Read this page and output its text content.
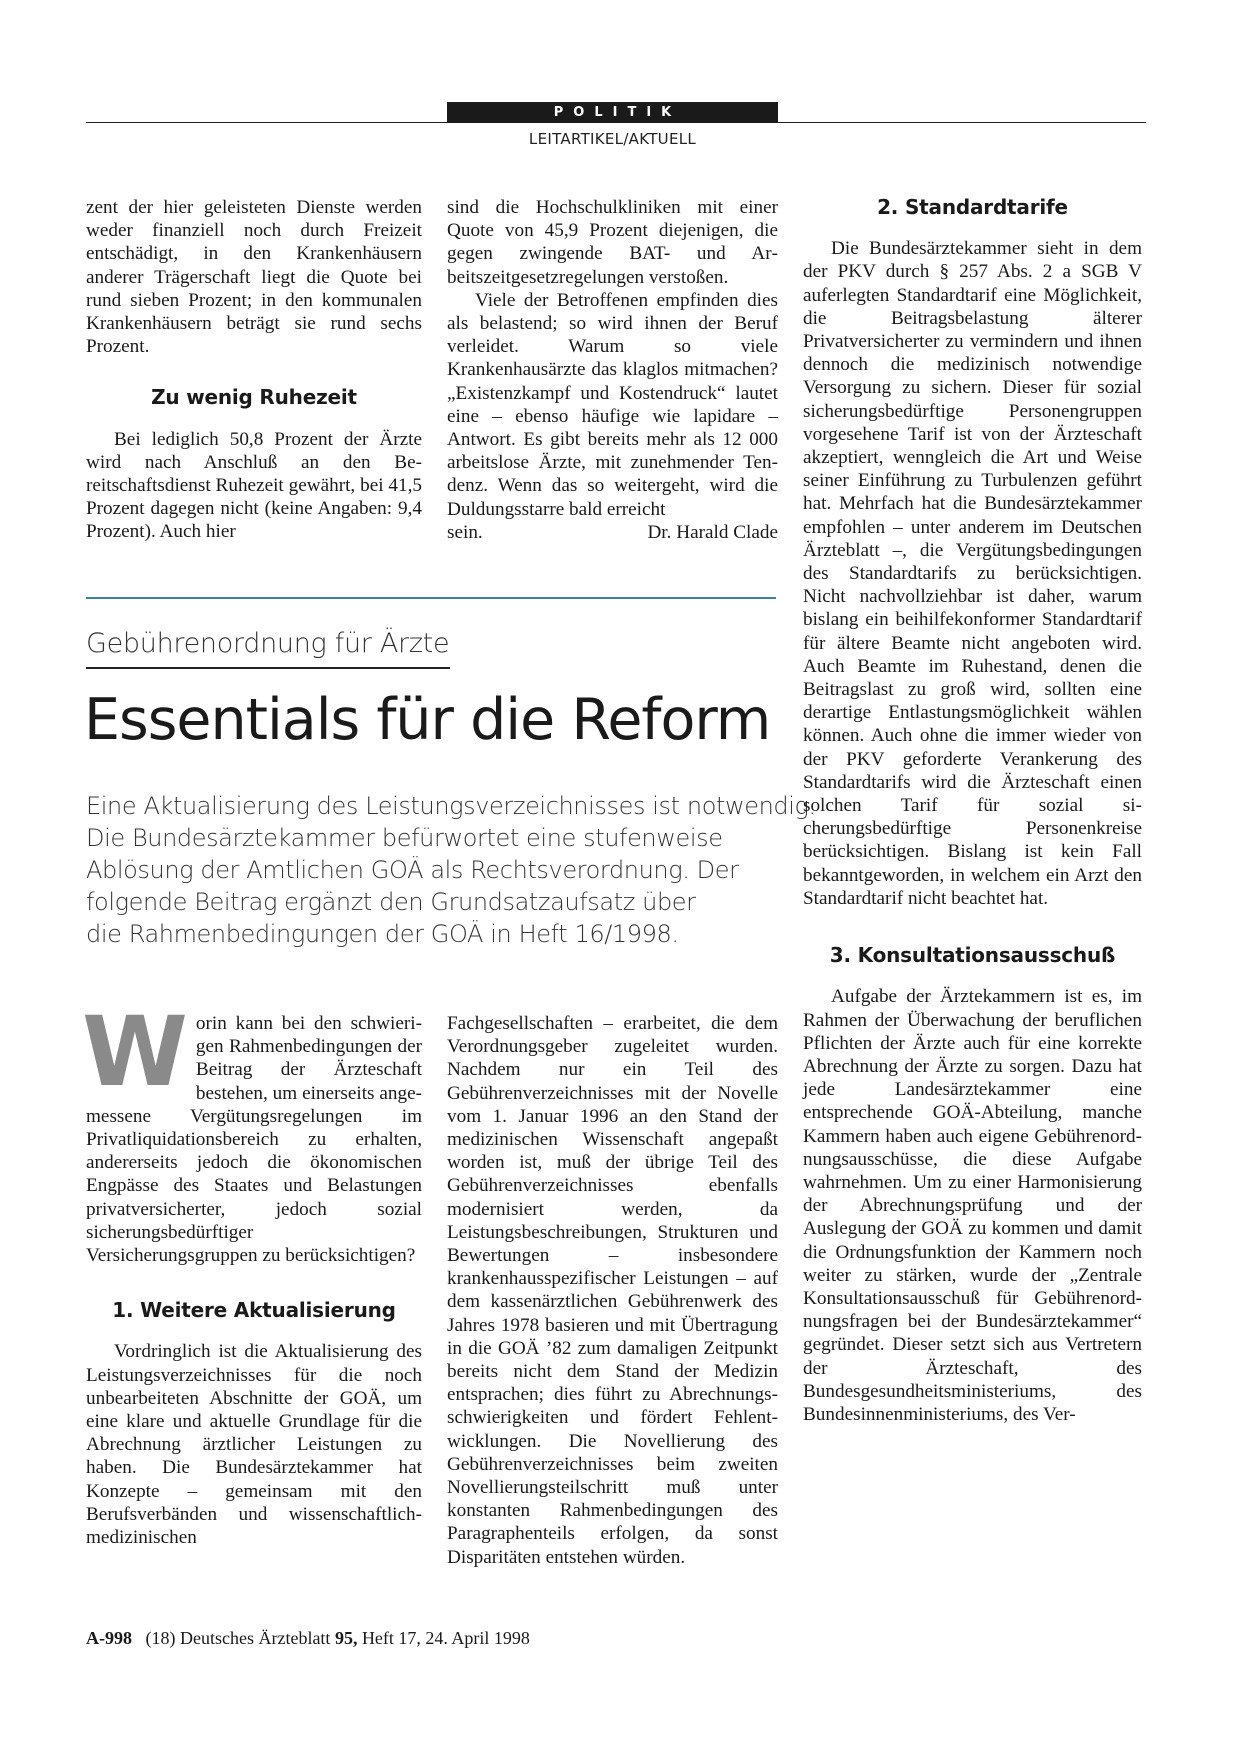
POLITIK
LEITARTIKEL/AKTUELL

zent der hier geleisteten Dienste werden weder finanziell noch durch Freizeit entschädigt, in den Krankenhäusern anderer Trägerschaft liegt die Quote bei rund sieben Prozent; in den kommunalen Krankenhäusern beträgt sie rund sechs Prozent.

Zu wenig Ruhezeit

Bei lediglich 50,8 Prozent der Ärzte wird nach Anschluß an den Bereitschaftsdienst Ruhezeit gewährt, bei 41,5 Prozent dagegen nicht (keine Angaben: 9,4 Prozent). Auch hier

sind die Hochschulkliniken mit einer Quote von 45,9 Prozent diejenigen, die gegen zwingende BAT- und Arbeitszeitgesetzregelungen verstoßen.

Viele der Betroffenen empfinden dies als belastend; so wird ihnen der Beruf verleidet. Warum so viele Krankenhausärzte das klaglos mitmachen? „Existenzkampf und Kostendruck“ lautet eine – ebenso häufige wie lapidare – Antwort. Es gibt bereits mehr als 12 000 arbeitslose Ärzte, mit zunehmender Tendenz. Wenn das so weitergeht, wird die Duldungsstarre bald erreicht

sein.	Dr. Harald Clade

Gebührenordnung für Ärzte
Essentials für die Reform
Eine Aktualisierung des Leistungsverzeichnisses ist notwendig.
Die Bundesärztekammer befürwortet eine stufenweise
Ablösung der Amtlichen GOÄ als Rechtsverordnung. Der
folgende Beitrag ergänzt den Grundsatzaufsatz über
die Rahmenbedingungen der GOÄ in Heft 16/1998.

Worin kann bei den schwierigen Rahmenbedingungen der Beitrag der Ärzteschaft bestehen, um einerseits angemessene Vergütungsregelungen im Privatliquidationsbereich zu erhalten, andererseits jedoch die ökonomischen Engpässe des Staates und Belastungen privatversicherter, jedoch sozial sicherungsbedürftiger Versicherungsgruppen zu berücksichtigen?

1. Weitere Aktualisierung

Vordringlich ist die Aktualisierung des Leistungsverzeichnisses für die noch unbearbeiteten Abschnitte der GOÄ, um eine klare und aktuelle Grundlage für die Abrechnung ärztlicher Leistungen zu haben. Die Bundesärztekammer hat Konzepte – gemeinsam mit den Berufsverbänden und wissenschaftlich-medizinischen

Fachgesellschaften – erarbeitet, die dem Verordnungsgeber zugeleitet wurden. Nachdem nur ein Teil des Gebührenverzeichnisses mit der Novelle vom 1. Januar 1996 an den Stand der medizinischen Wissenschaft angepaßt worden ist, muß der übrige Teil des Gebührenverzeichnisses ebenfalls modernisiert werden, da Leistungsbeschreibungen, Strukturen und Bewertungen – insbesondere krankenhausspezifischer Leistungen – auf dem kassenärztlichen Gebührenwerk des Jahres 1978 basieren und mit Übertragung in die GOÄ ’82 zum damaligen Zeitpunkt bereits nicht dem Stand der Medizin entsprachen; dies führt zu Abrechnungsschwierigkeiten und fördert Fehlentwicklungen. Die Novellierung des Gebührenverzeichnisses beim zweiten Novellierungsteilschritt muß unter konstanten Rahmenbedingungen des Paragraphenteils erfolgen, da sonst Disparitäten entstehen würden.

2. Standardtarife

Die Bundesärztekammer sieht in dem der PKV durch § 257 Abs. 2 a SGB V auferlegten Standardtarif eine Möglichkeit, die Beitragsbelastung älterer Privatversicherter zu vermindern und ihnen dennoch die medizinisch notwendige Versorgung zu sichern. Dieser für sozial sicherungsbedürftige Personengruppen vorgesehene Tarif ist von der Ärzteschaft akzeptiert, wenngleich die Art und Weise seiner Einführung zu Turbulenzen geführt hat. Mehrfach hat die Bundesärztekammer empfohlen – unter anderem im Deutschen Ärzteblatt –, die Vergütungsbedingungen des Standardtarifs zu berücksichtigen. Nicht nachvollziehbar ist daher, warum bislang ein beihilfekonformer Standardtarif für ältere Beamte nicht angeboten wird. Auch Beamte im Ruhestand, denen die Beitragslast zu groß wird, sollten eine derartige Entlastungsmöglichkeit wählen können. Auch ohne die immer wieder von der PKV geforderte Verankerung des Standardtarifs wird die Ärzteschaft einen solchen Tarif für sozial sicherungsbedürftige Personenkreise berücksichtigen. Bislang ist kein Fall bekanntgeworden, in welchem ein Arzt den Standardtarif nicht beachtet hat.

3. Konsultationsausschuß

Aufgabe der Ärztekammern ist es, im Rahmen der Überwachung der beruflichen Pflichten der Ärzte auch für eine korrekte Abrechnung der Ärzte zu sorgen. Dazu hat jede Landesärztekammer eine entsprechende GOÄ-Abteilung, manche Kammern haben auch eigene Gebührenordnungsausschüsse, die diese Aufgabe wahrnehmen. Um zu einer Harmonisierung der Abrechnungsprüfung und der Auslegung der GOÄ zu kommen und damit die Ordnungsfunktion der Kammern noch weiter zu stärken, wurde der „Zentrale Konsultationsausschuß für Gebührenordnungsfragen bei der Bundesärztekammer“ gegründet. Dieser setzt sich aus Vertretern der Ärzteschaft, des Bundesgesundheitsministeriums, des Bundesinnenministeriums, des Ver-

A-998 (18) Deutsches Ärzteblatt 95, Heft 17, 24. April 1998
